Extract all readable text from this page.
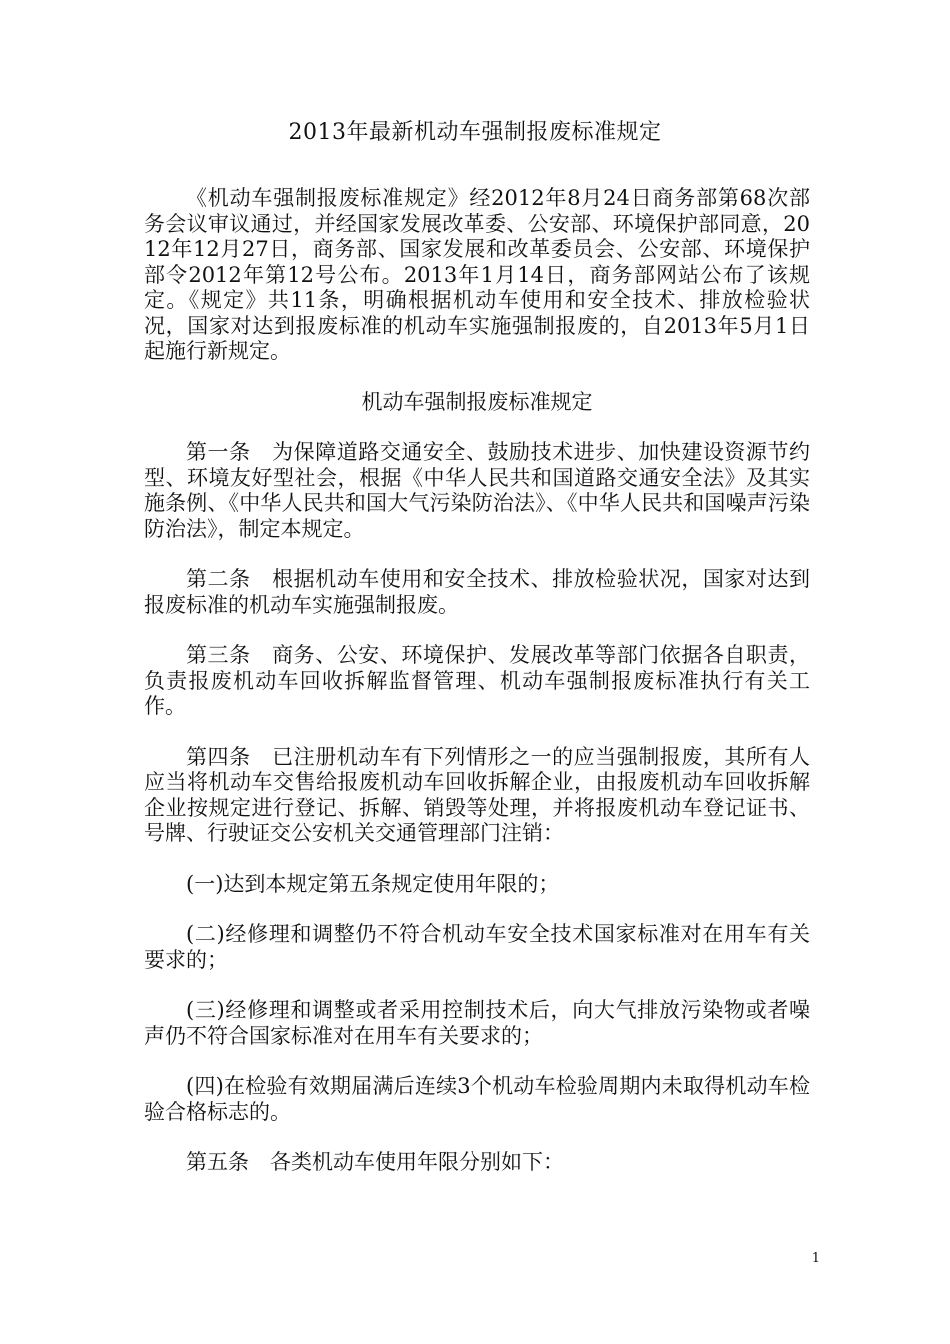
2013年最新机动车强制报废标准规定

《机动车强制报废标准规定》经2012年8月24日商务部第68次部务会议审议通过，并经国家发展改革委、公安部、环境保护部同意，2012年12月27日，商务部、国家发展和改革委员会、公安部、环境保护部令2012年第12号公布。2013年1月14日，商务部网站公布了该规定。《规定》共11条，明确根据机动车使用和安全技术、排放检验状况，国家对达到报废标准的机动车实施强制报废的，自2013年5月1日起施行新规定。

机动车强制报废标准规定

第一条 为保障道路交通安全、鼓励技术进步、加快建设资源节约型、环境友好型社会，根据《中华人民共和国道路交通安全法》及其实施条例、《中华人民共和国大气污染防治法》、《中华人民共和国噪声污染防治法》，制定本规定。

第二条 根据机动车使用和安全技术、排放检验状况，国家对达到报废标准的机动车实施强制报废。

第三条 商务、公安、环境保护、发展改革等部门依据各自职责，负责报废机动车回收拆解监督管理、机动车强制报废标准执行有关工作。

第四条 已注册机动车有下列情形之一的应当强制报废，其所有人应当将机动车交售给报废机动车回收拆解企业，由报废机动车回收拆解企业按规定进行登记、拆解、销毁等处理，并将报废机动车登记证书、号牌、行驶证交公安机关交通管理部门注销：

(一)达到本规定第五条规定使用年限的；

(二)经修理和调整仍不符合机动车安全技术国家标准对在用车有关要求的；

(三)经修理和调整或者采用控制技术后，向大气排放污染物或者噪声仍不符合国家标准对在用车有关要求的；

(四)在检验有效期届满后连续3个机动车检验周期内未取得机动车检验合格标志的。

第五条 各类机动车使用年限分别如下：

1
